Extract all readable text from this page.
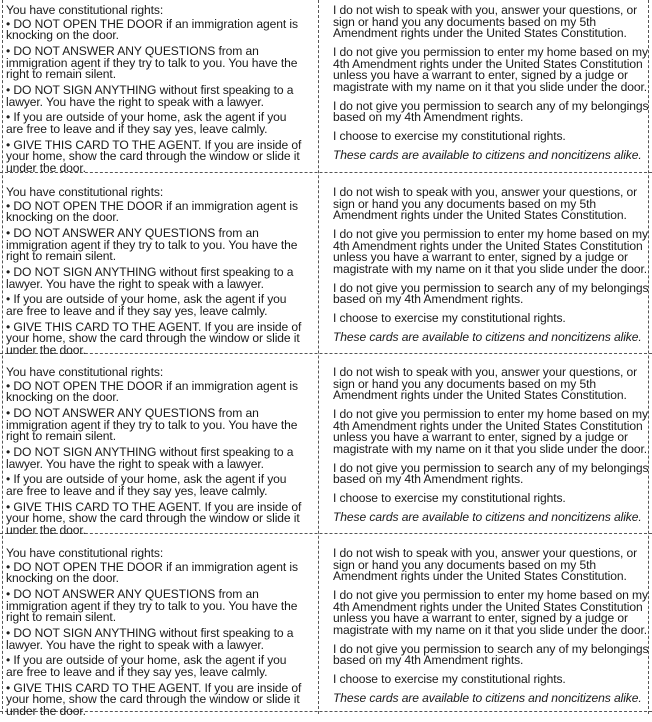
You have constitutional rights:

• DO NOT OPEN THE DOOR if an immigration agent is knocking on the door.

• DO NOT ANSWER ANY QUESTIONS from an immigration agent if they try to talk to you. You have the right to remain silent.

• DO NOT SIGN ANYTHING without first speaking to a lawyer. You have the right to speak with a lawyer.

• If you are outside of your home, ask the agent if you are free to leave and if they say yes, leave calmly.

• GIVE THIS CARD TO THE AGENT. If you are inside of your home, show the card through the window or slide it under the door.

I do not wish to speak with you, answer your questions, or sign or hand you any documents based on my 5th Amendment rights under the United States Constitution.

I do not give you permission to enter my home based on my 4th Amendment rights under the United States Constitution unless you have a warrant to enter, signed by a judge or magistrate with my name on it that you slide under the door.

I do not give you permission to search any of my belongings based on my 4th Amendment rights.

I choose to exercise my constitutional rights.

These cards are available to citizens and noncitizens alike.

You have constitutional rights:

• DO NOT OPEN THE DOOR if an immigration agent is knocking on the door.

• DO NOT ANSWER ANY QUESTIONS from an immigration agent if they try to talk to you. You have the right to remain silent.

• DO NOT SIGN ANYTHING without first speaking to a lawyer. You have the right to speak with a lawyer.

• If you are outside of your home, ask the agent if you are free to leave and if they say yes, leave calmly.

• GIVE THIS CARD TO THE AGENT. If you are inside of your home, show the card through the window or slide it under the door.

I do not wish to speak with you, answer your questions, or sign or hand you any documents based on my 5th Amendment rights under the United States Constitution.

I do not give you permission to enter my home based on my 4th Amendment rights under the United States Constitution unless you have a warrant to enter, signed by a judge or magistrate with my name on it that you slide under the door.

I do not give you permission to search any of my belongings based on my 4th Amendment rights.

I choose to exercise my constitutional rights.

These cards are available to citizens and noncitizens alike.

You have constitutional rights:

• DO NOT OPEN THE DOOR if an immigration agent is knocking on the door.

• DO NOT ANSWER ANY QUESTIONS from an immigration agent if they try to talk to you. You have the right to remain silent.

• DO NOT SIGN ANYTHING without first speaking to a lawyer. You have the right to speak with a lawyer.

• If you are outside of your home, ask the agent if you are free to leave and if they say yes, leave calmly.

• GIVE THIS CARD TO THE AGENT. If you are inside of your home, show the card through the window or slide it under the door.

I do not wish to speak with you, answer your questions, or sign or hand you any documents based on my 5th Amendment rights under the United States Constitution.

I do not give you permission to enter my home based on my 4th Amendment rights under the United States Constitution unless you have a warrant to enter, signed by a judge or magistrate with my name on it that you slide under the door.

I do not give you permission to search any of my belongings based on my 4th Amendment rights.

I choose to exercise my constitutional rights.

These cards are available to citizens and noncitizens alike.

You have constitutional rights:

• DO NOT OPEN THE DOOR if an immigration agent is knocking on the door.

• DO NOT ANSWER ANY QUESTIONS from an immigration agent if they try to talk to you. You have the right to remain silent.

• DO NOT SIGN ANYTHING without first speaking to a lawyer. You have the right to speak with a lawyer.

• If you are outside of your home, ask the agent if you are free to leave and if they say yes, leave calmly.

• GIVE THIS CARD TO THE AGENT. If you are inside of your home, show the card through the window or slide it under the door.

I do not wish to speak with you, answer your questions, or sign or hand you any documents based on my 5th Amendment rights under the United States Constitution.

I do not give you permission to enter my home based on my 4th Amendment rights under the United States Constitution unless you have a warrant to enter, signed by a judge or magistrate with my name on it that you slide under the door.

I do not give you permission to search any of my belongings based on my 4th Amendment rights.

I choose to exercise my constitutional rights.

These cards are available to citizens and noncitizens alike.
